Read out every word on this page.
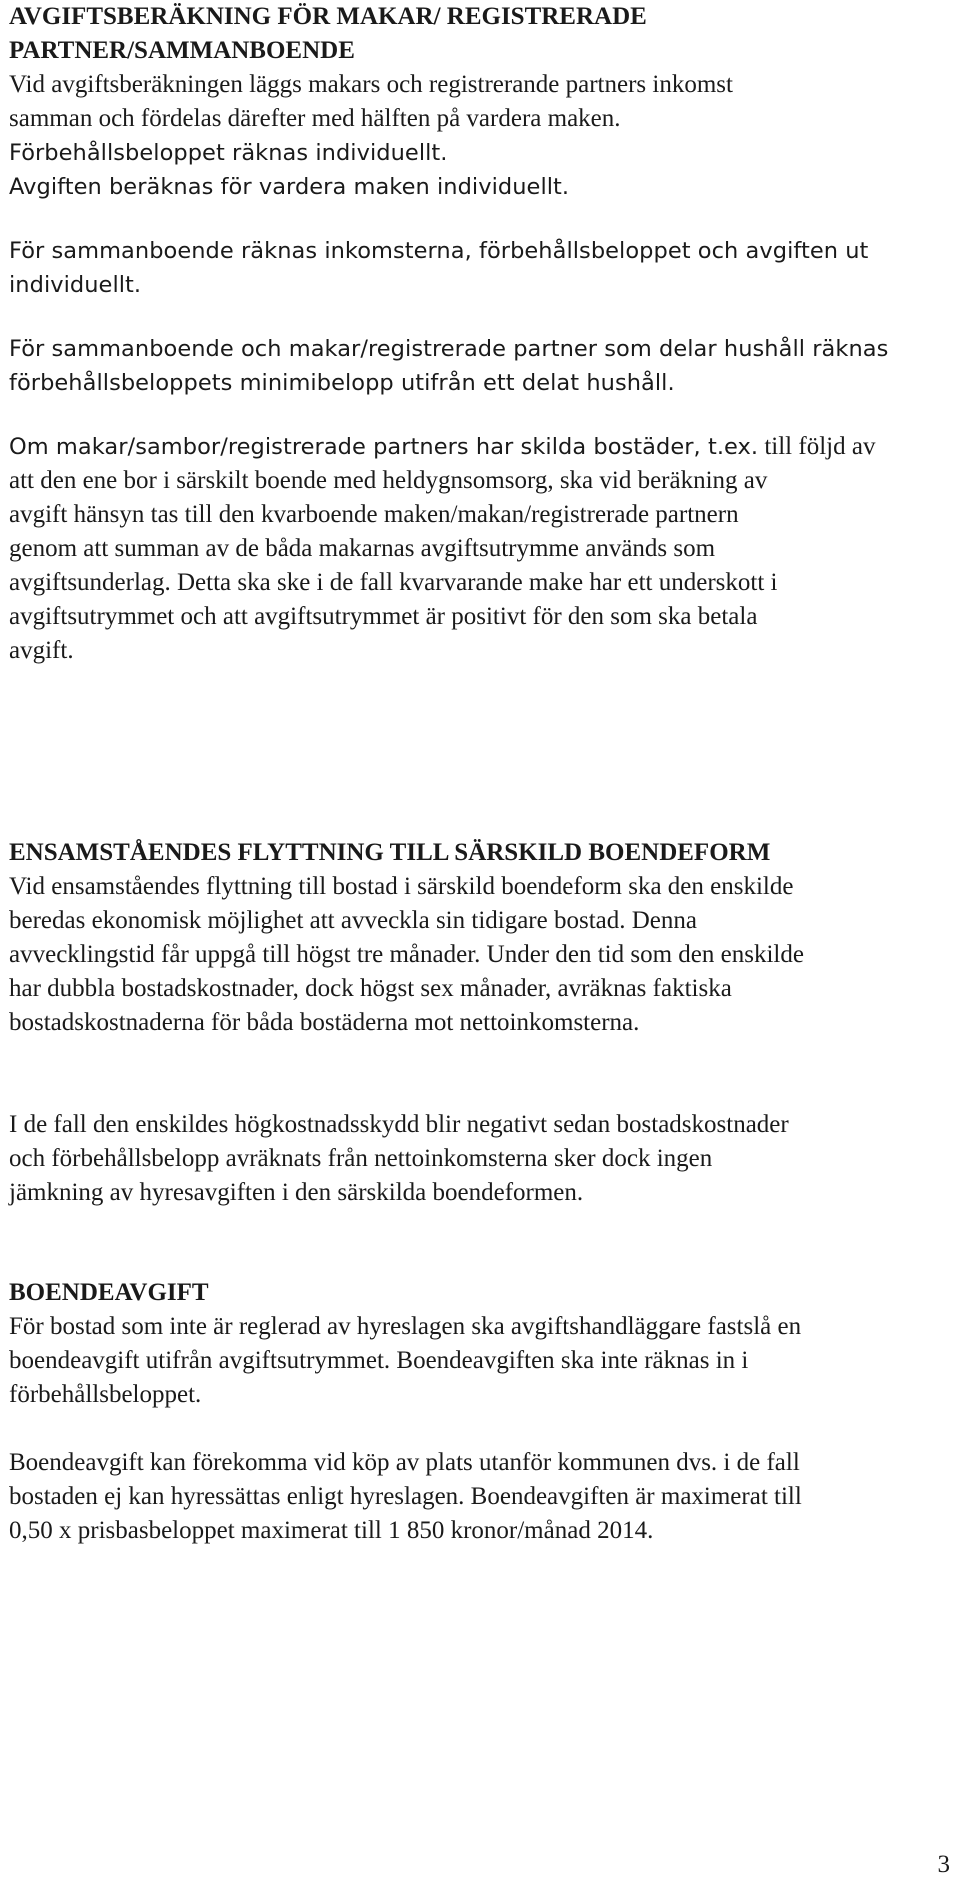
AVGIFTSBERÄKNING FÖR MAKAR/ REGISTRERADE
PARTNER/SAMMANBOENDE
Vid avgiftsberäkningen läggs makars och registrerande partners inkomst
samman och fördelas därefter med hälften på vardera maken.
Förbehållsbeloppet räknas individuellt.
Avgiften beräknas för vardera maken individuellt.
För sammanboende räknas inkomsterna, förbehållsbeloppet och avgiften ut
individuellt.
För sammanboende och makar/registrerade partner som delar hushåll räknas
förbehållsbeloppets minimibelopp utifrån ett delat hushåll.
Om makar/sambor/registrerade partners har skilda bostäder, t.ex. till följd av
att den ene bor i särskilt boende med heldygnsomsorg, ska vid beräkning av
avgift hänsyn tas till den kvarboende maken/makan/registrerade partnern
genom att summan av de båda makarnas avgiftsutrymme används som
avgiftsunderlag. Detta ska ske i de fall kvarvarande make har ett underskott i
avgiftsutrymmet och att avgiftsutrymmet är positivt för den som ska betala
avgift.
ENSAMSTÅENDES FLYTTNING TILL SÄRSKILD BOENDEFORM
Vid ensamståendes flyttning till bostad i särskild boendeform ska den enskilde
beredas ekonomisk möjlighet att avveckla sin tidigare bostad. Denna
avvecklingstid får uppgå till högst tre månader. Under den tid som den enskilde
har dubbla bostadskostnader, dock högst sex månader, avräknas faktiska
bostadskostnaderna för båda bostäderna mot nettoinkomsterna.
I de fall den enskildes högkostnadsskydd blir negativt sedan bostadskostnader
och förbehållsbelopp avräknats från nettoinkomsterna sker dock ingen
jämkning av hyresavgiften i den särskilda boendeformen.
BOENDEAVGIFT
För bostad som inte är reglerad av hyreslagen ska avgiftshandläggare fastslå en
boendeavgift utifrån avgiftsutrymmet. Boendeavgiften ska inte räknas in i
förbehållsbeloppet.
Boendeavgift kan förekomma vid köp av plats utanför kommunen dvs. i de fall
bostaden ej kan hyressättas enligt hyreslagen. Boendeavgiften är maximerat till
0,50 x prisbasbeloppet maximerat till 1 850 kronor/månad 2014.
3
